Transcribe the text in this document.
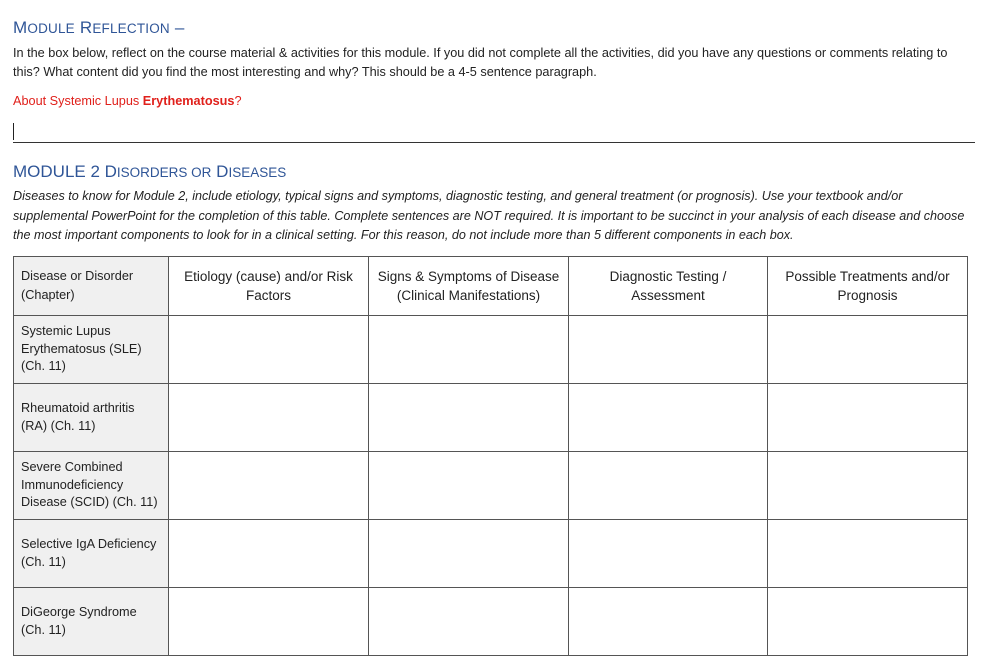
MODULE REFLECTION –

In the box below, reflect on the course material & activities for this module. If you did not complete all the activities, did you have any questions or comments relating to this? What content did you find the most interesting and why? This should be a 4-5 sentence paragraph.

About Systemic Lupus Erythematosus?

MODULE 2 DISORDERS OR DISEASES

Diseases to know for Module 2, include etiology, typical signs and symptoms, diagnostic testing, and general treatment (or prognosis). Use your textbook and/or supplemental PowerPoint for the completion of this table. Complete sentences are NOT required. It is important to be succinct in your analysis of each disease and choose the most important components to look for in a clinical setting. For this reason, do not include more than 5 different components in each box.

Disease or Disorder (Chapter)	Etiology (cause) and/or Risk Factors	Signs & Symptoms of Disease (Clinical Manifestations)	Diagnostic Testing / Assessment	Possible Treatments and/or Prognosis
Systemic Lupus Erythematosus (SLE) (Ch. 11)				
Rheumatoid arthritis (RA) (Ch. 11)				
Severe Combined Immunodeficiency Disease (SCID) (Ch. 11)				
Selective IgA Deficiency (Ch. 11)				
DiGeorge Syndrome (Ch. 11)				
